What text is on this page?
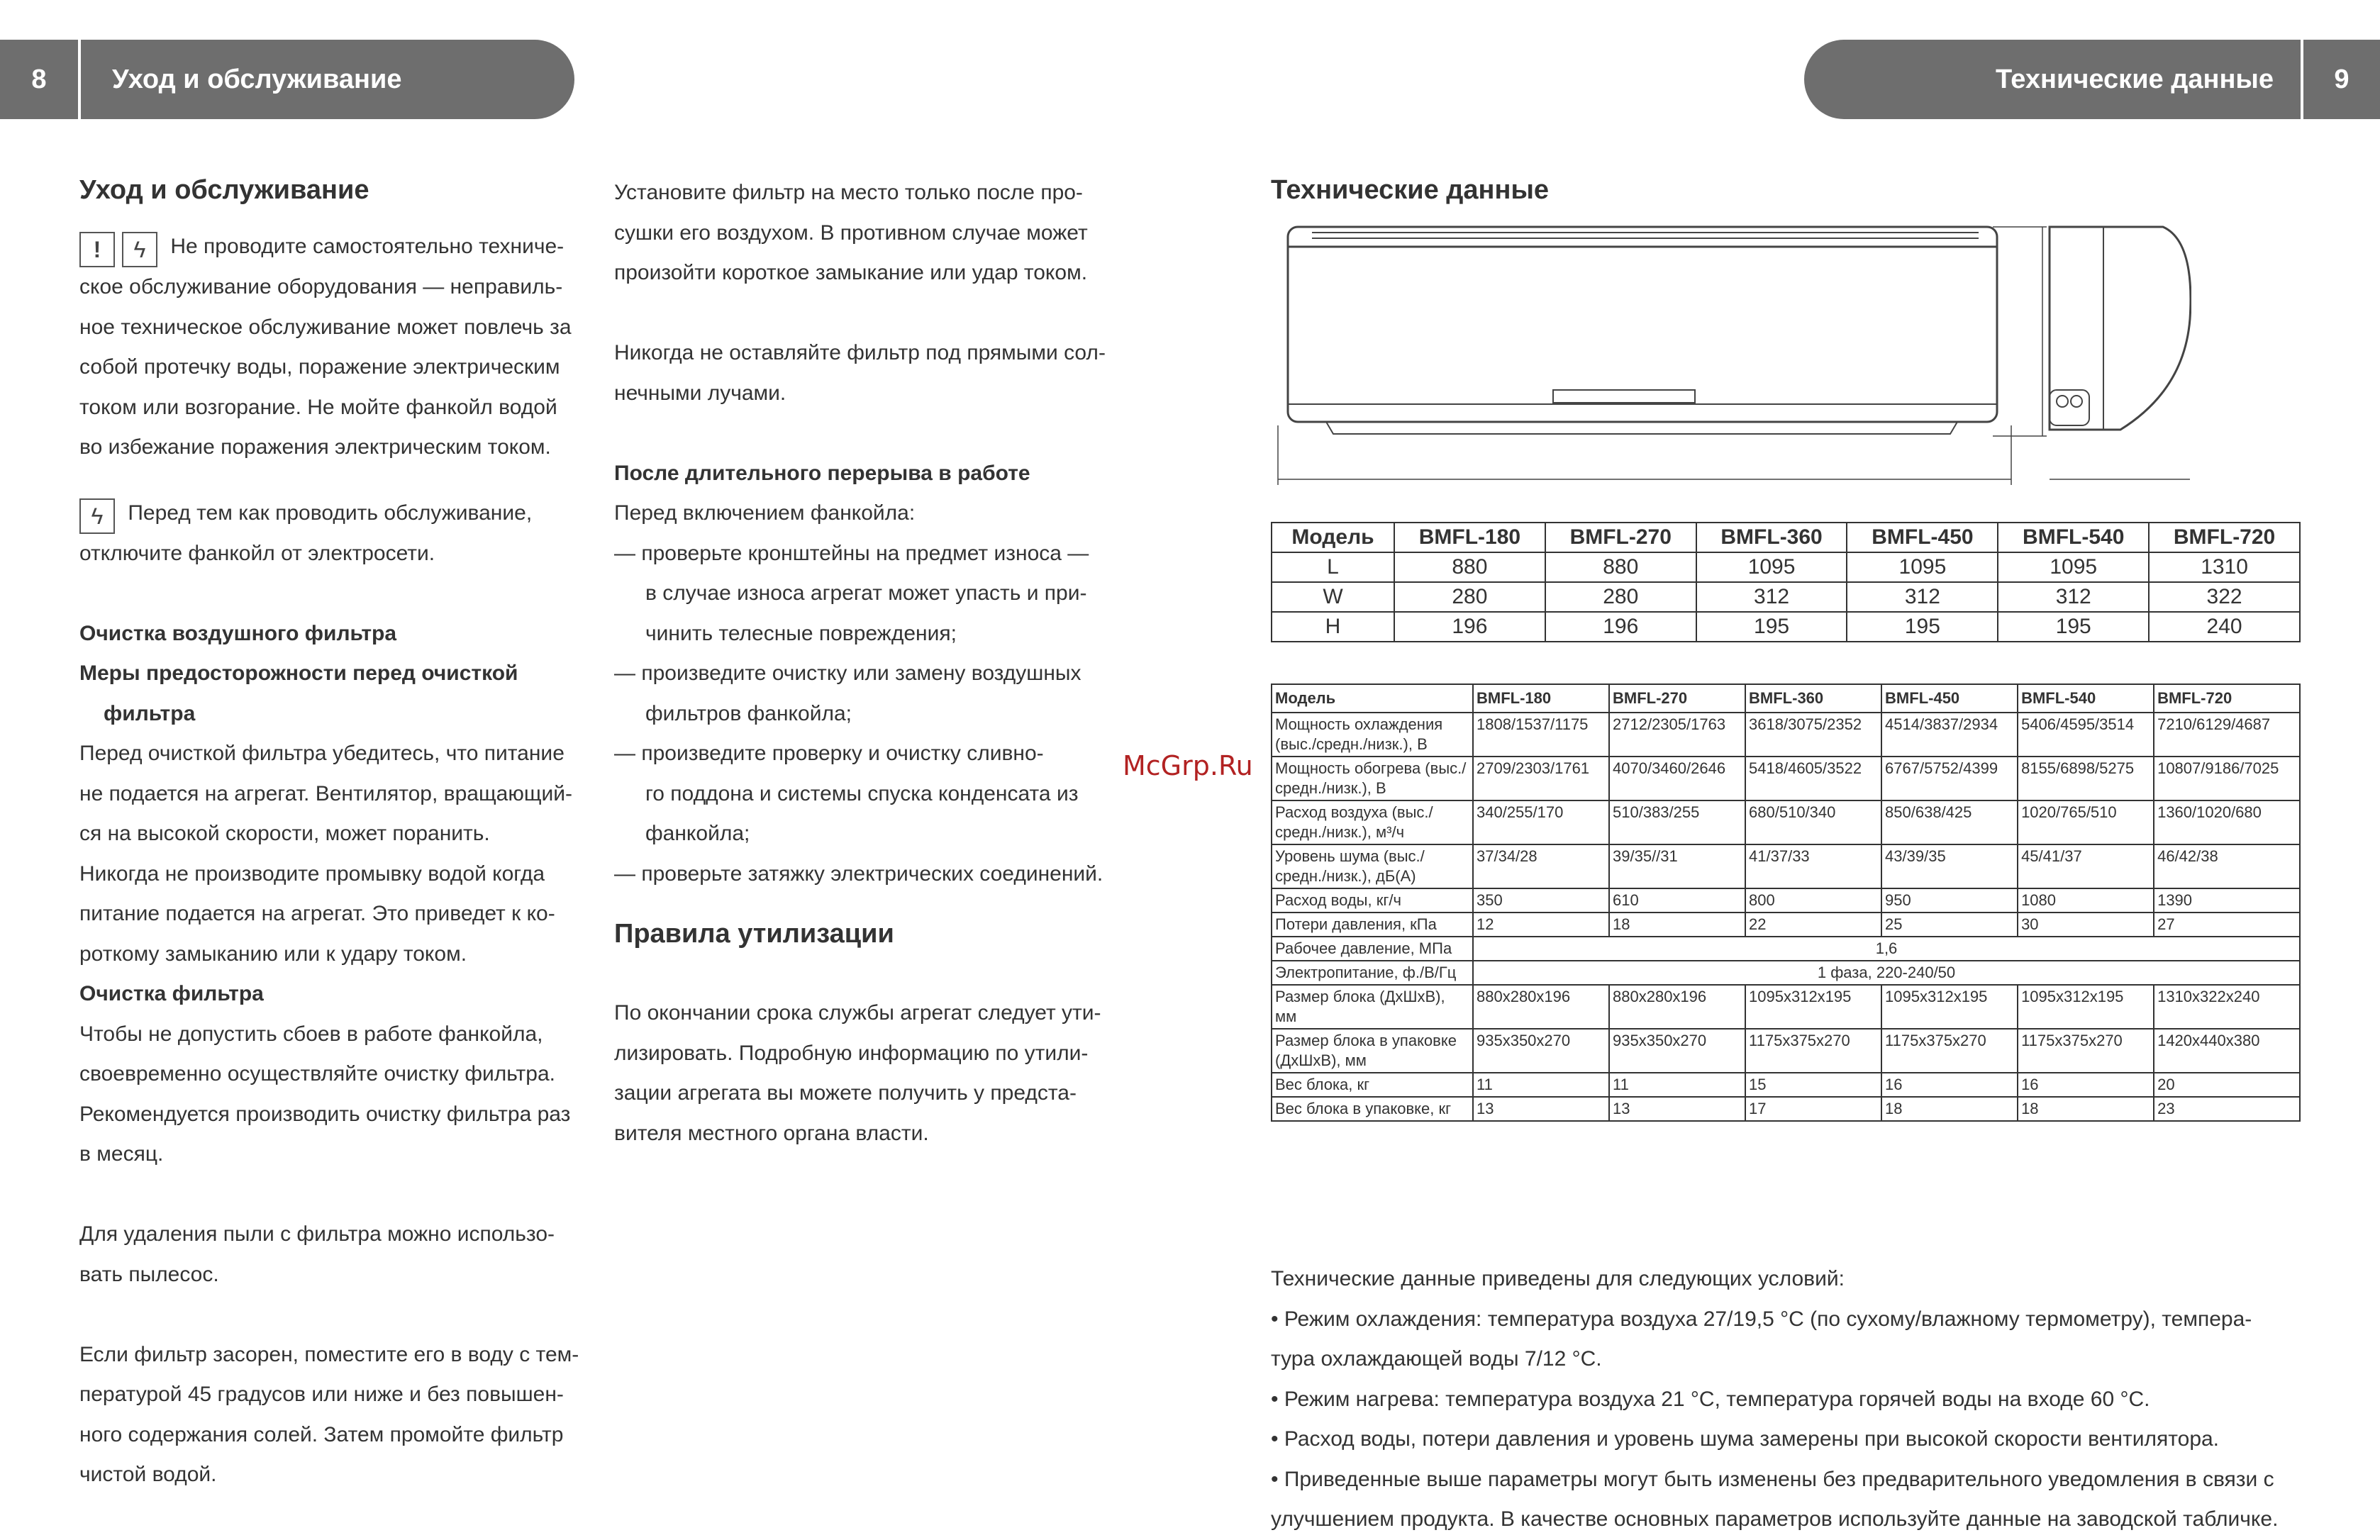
8	Уход и обслуживание	Технические данные	9

Уход и обслуживание

! ϟ Не проводите самостоятельно техниче-
ское обслуживание оборудования — неправиль-
ное техническое обслуживание может повлечь за
собой протечку воды, поражение электрическим
током или возгорание. Не мойте фанкойл водой
во избежание поражения электрическим током.

ϟ Перед тем как проводить обслуживание,
отключите фанкойл от электросети.

Очистка воздушного фильтра

Меры предосторожности перед очисткой
фильтра

Перед очисткой фильтра убедитесь, что питание
не подается на агрегат. Вентилятор, вращающий-
ся на высокой скорости, может поранить.
Никогда не производите промывку водой когда
питание подается на агрегат. Это приведет к ко-
роткому замыканию или к удару током.

Очистка фильтра

Чтобы не допустить сбоев в работе фанкойла,
своевременно осуществляйте очистку фильтра.
Рекомендуется производить очистку фильтра раз
в месяц.

Для удаления пыли с фильтра можно использо-
вать пылесос.

Если фильтр засорен, поместите его в воду с тем-
пературой 45 градусов или ниже и без повышен-
ного содержания солей. Затем промойте фильтр
чистой водой.

Установите фильтр на место только после про-
сушки его воздухом. В противном случае может
произойти короткое замыкание или удар током.

Никогда не оставляйте фильтр под прямыми сол-
нечными лучами.

После длительного перерыва в работе

Перед включением фанкойла:

— проверьте кронштейны на предмет износа —
в случае износа агрегат может упасть и при-
чинить телесные повреждения;

— произведите очистку или замену воздушных
фильтров фанкойла;

— произведите проверку и очистку сливно-
го поддона и системы спуска конденсата из
фанкойла;

— проверьте затяжку электрических соединений.

Правила утилизации

По окончании срока службы агрегат следует ути-
лизировать. Подробную информацию по утили-
зации агрегата вы можете получить у предста-
вителя местного органа власти.

McGrp.Ru

Технические данные

Модель	BMFL-180	BMFL-270	BMFL-360	BMFL-450	BMFL-540	BMFL-720
L	880	880	1095	1095	1095	1310
W	280	280	312	312	312	322
H	196	196	195	195	195	240
Модель	BMFL-180	BMFL-270	BMFL-360	BMFL-450	BMFL-540	BMFL-720
Мощность охлаждения (выс./средн./низк.), В	1808/1537/1175	2712/2305/1763	3618/3075/2352	4514/3837/2934	5406/4595/3514	7210/6129/4687
Мощность обогрева (выс./средн./низк.), В	2709/2303/1761	4070/3460/2646	5418/4605/3522	6767/5752/4399	8155/6898/5275	10807/9186/7025
Расход воздуха (выс./средн./низк.), м³/ч	340/255/170	510/383/255	680/510/340	850/638/425	1020/765/510	1360/1020/680
Уровень шума (выс./средн./низк.), дБ(А)	37/34/28	39/35//31	41/37/33	43/39/35	45/41/37	46/42/38
Расход воды, кг/ч	350	610	800	950	1080	1390
Потери давления, кПа	12	18	22	25	30	27
Рабочее давление, МПа	1,6					
Электропитание, ф./В/Гц	1 фаза, 220-240/50					
Размер блока (ДхШхВ), мм	880x280x196	880x280x196	1095x312x195	1095x312x195	1095x312x195	1310x322x240
Размер блока в упаковке (ДхШхВ), мм	935x350x270	935x350x270	1175x375x270	1175x375x270	1175x375x270	1420x440x380
Вес блока, кг	11	11	15	16	16	20
Вес блока в упаковке, кг	13	13	17	18	18	23

Технические данные приведены для следующих условий:

• Режим охлаждения: температура воздуха 27/19,5 °С (по сухому/влажному термометру), темпера-
тура охлаждающей воды 7/12 °С.

• Режим нагрева: температура воздуха 21 °С, температура горячей воды на входе 60 °С.

• Расход воды, потери давления и уровень шума замерены при высокой скорости вентилятора.

• Приведенные выше параметры могут быть изменены без предварительного уведомления в связи с
улучшением продукта. В качестве основных параметров используйте данные на заводской табличке.
